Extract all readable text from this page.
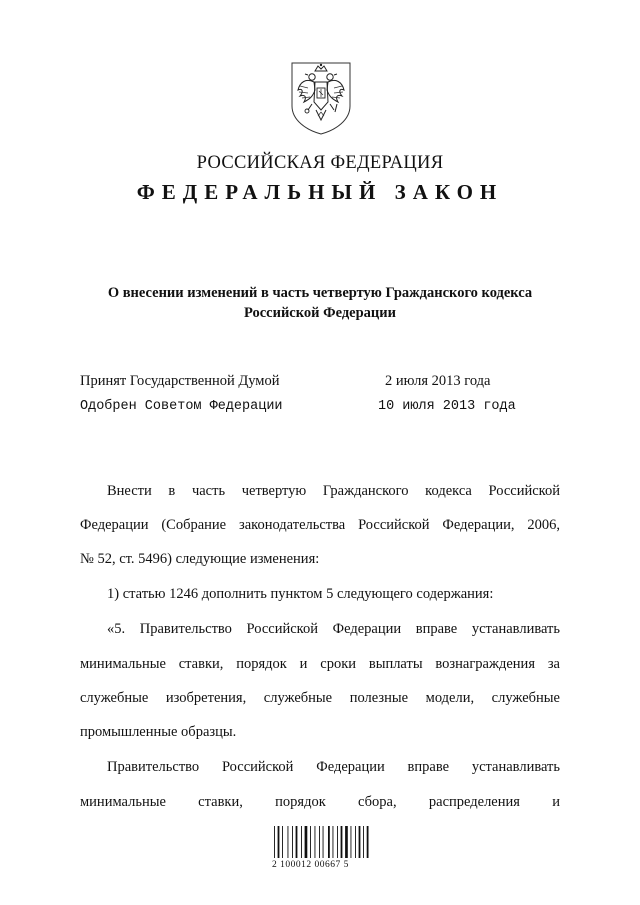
РОССИЙСКАЯ ФЕДЕРАЦИЯ
ФЕДЕРАЛЬНЫЙ ЗАКОН
О внесении изменений в часть четвертую Гражданского кодекса
Российской Федерации
Принят Государственной Думой	2 июля 2013 года
Одобрен Советом Федерации	10 июля 2013 года
Внести в часть четвертую Гражданского кодекса Российской
Федерации (Собрание законодательства Российской Федерации, 2006,
№ 52, ст. 5496) следующие изменения:
1) статью 1246 дополнить пунктом 5 следующего содержания:
«5. Правительство Российской Федерации вправе устанавливать
минимальные ставки, порядок и сроки выплаты вознаграждения за
служебные изобретения, служебные полезные модели, служебные
промышленные образцы.
Правительство Российской Федерации вправе устанавливать
минимальные ставки, порядок сбора, распределения и
2 100012 00667 5
